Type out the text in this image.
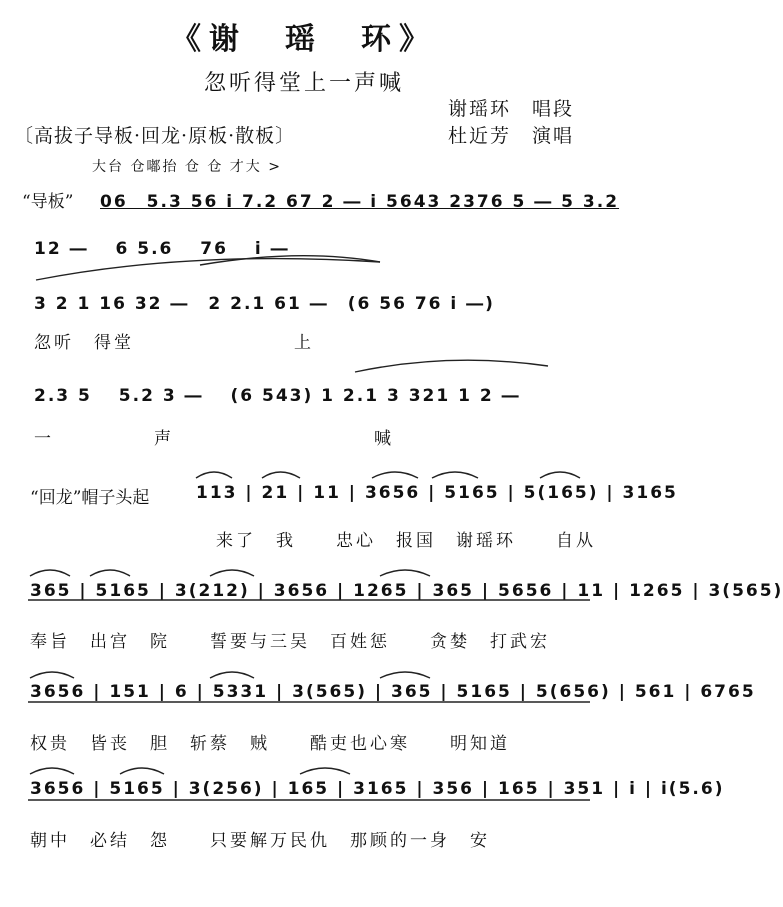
《谢　瑶　环》
忽听得堂上一声喊
谢瑶环　唱段
杜近芳　演唱
〔高拔子导板·回龙·原板·散板〕
大台 仓嘟抬 仓 仓 才大 >
“导板” 06　5.3 56 i 7.2 67 2 ― i 5643 2376 5 ― 5 3.2
12 ―　 6 5.6　 76　 i ―
3 2 1 16 32 ―　2 2.1 61 ―　(6 56 76 i ―)
忽听　得堂　　　　　　　　上
2.3 5　 5.2 3 ―　 (6 543) 1 2.1 3 321 1 2 ―
一　　　　　声　　　　　　　　　　喊
“回龙”帽子头起	113 | 21 | 11 | 3656 | 5165 | 5(165) | 3165
来了　我　　忠心　报国　谢瑶环　　自从
365 | 5165 | 3(212) | 3656 | 1265 | 365 | 5656 | 11 | 1265 | 3(565)
奉旨　出宫　院　　誓要与三吴　百姓惩　　贪婪　打武宏
3656 | 151 | 6 | 5331 | 3(565) | 365 | 5165 | 5(656) | 561 | 6765
权贵　皆丧　胆　斩蔡　贼　　酷吏也心寒　　明知道
3656 | 5165 | 3(256) | 165 | 3165 | 356 | 165 | 351 | i | i(5.6)
朝中　必结　怨　　只要解万民仇　那顾的一身　安
